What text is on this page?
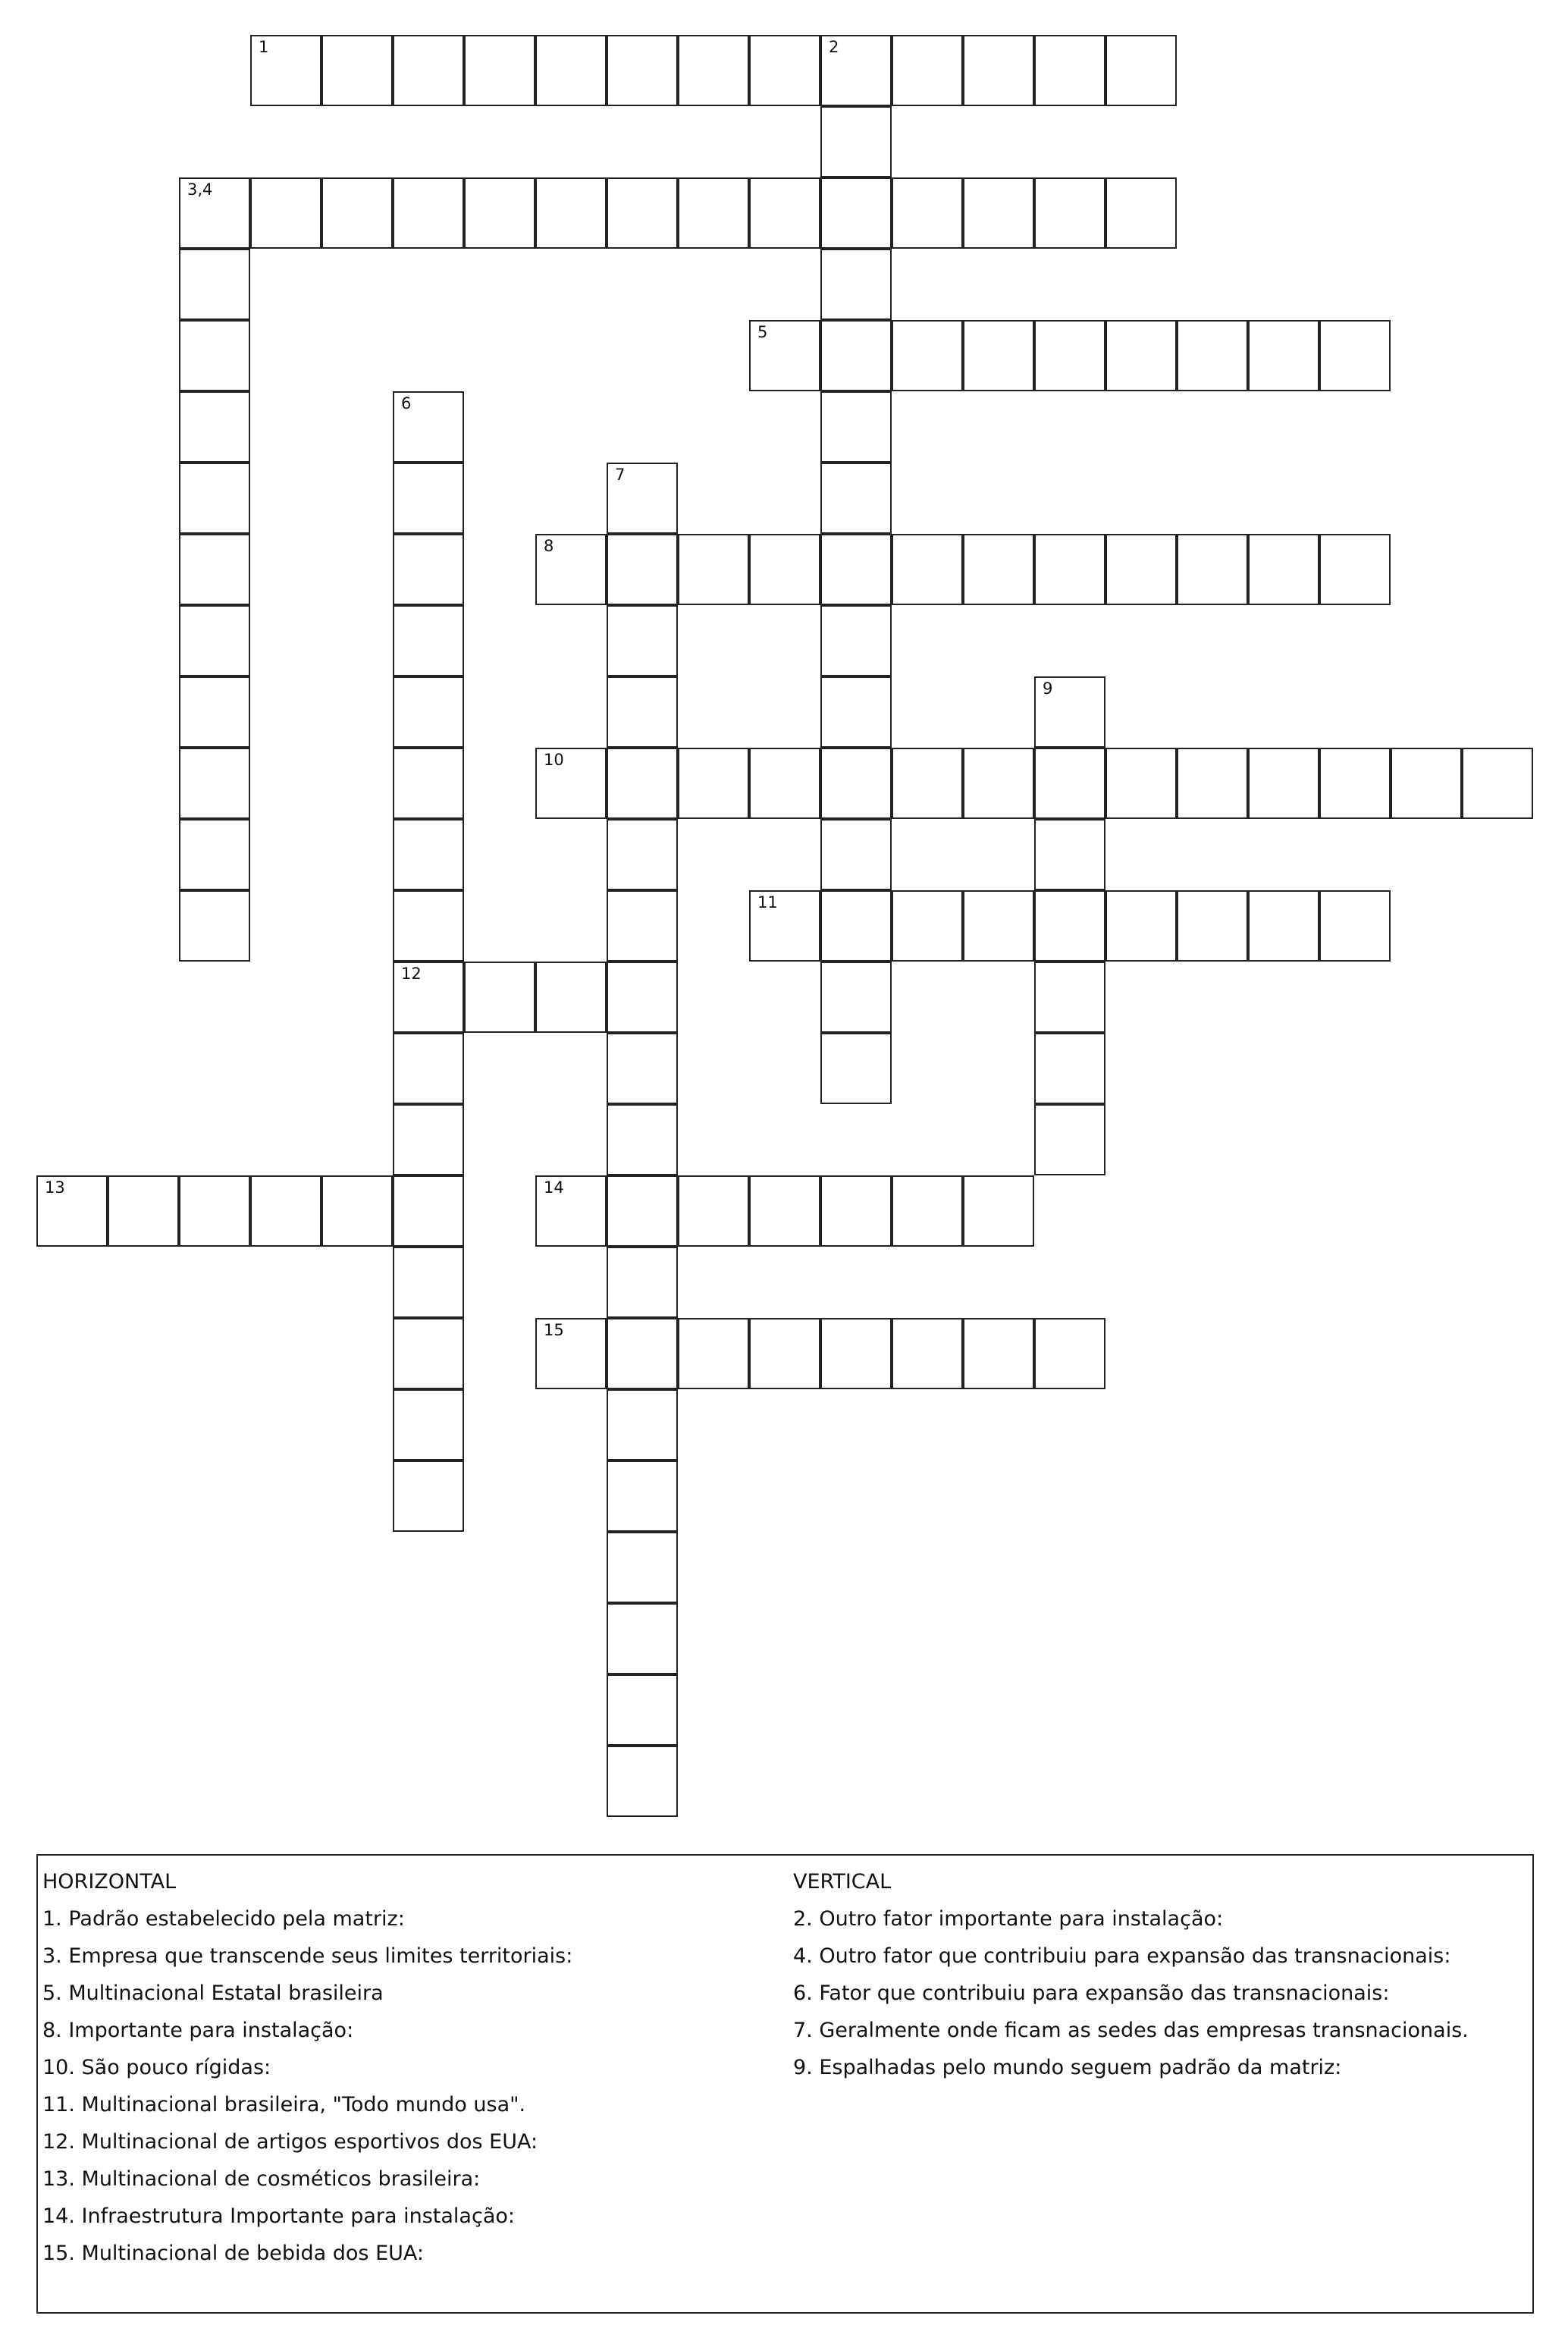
1	2
3,4
5
6
12
7
8
9
10
11
13	14
15
HORIZONTAL
1. Padrão estabelecido pela matriz:
3. Empresa que transcende seus limites territoriais:
5. Multinacional Estatal brasileira
8. Importante para instalação:
10. São pouco rígidas:
11. Multinacional brasileira, "Todo mundo usa".
12. Multinacional de artigos esportivos dos EUA:
13. Multinacional de cosméticos brasileira:
14. Infraestrutura Importante para instalação:
15. Multinacional de bebida dos EUA:
VERTICAL
2. Outro fator importante para instalação:
4. Outro fator que contribuiu para expansão das transnacionais:
6. Fator que contribuiu para expansão das transnacionais:
7. Geralmente onde ficam as sedes das empresas transnacionais.
9. Espalhadas pelo mundo seguem padrão da matriz:
